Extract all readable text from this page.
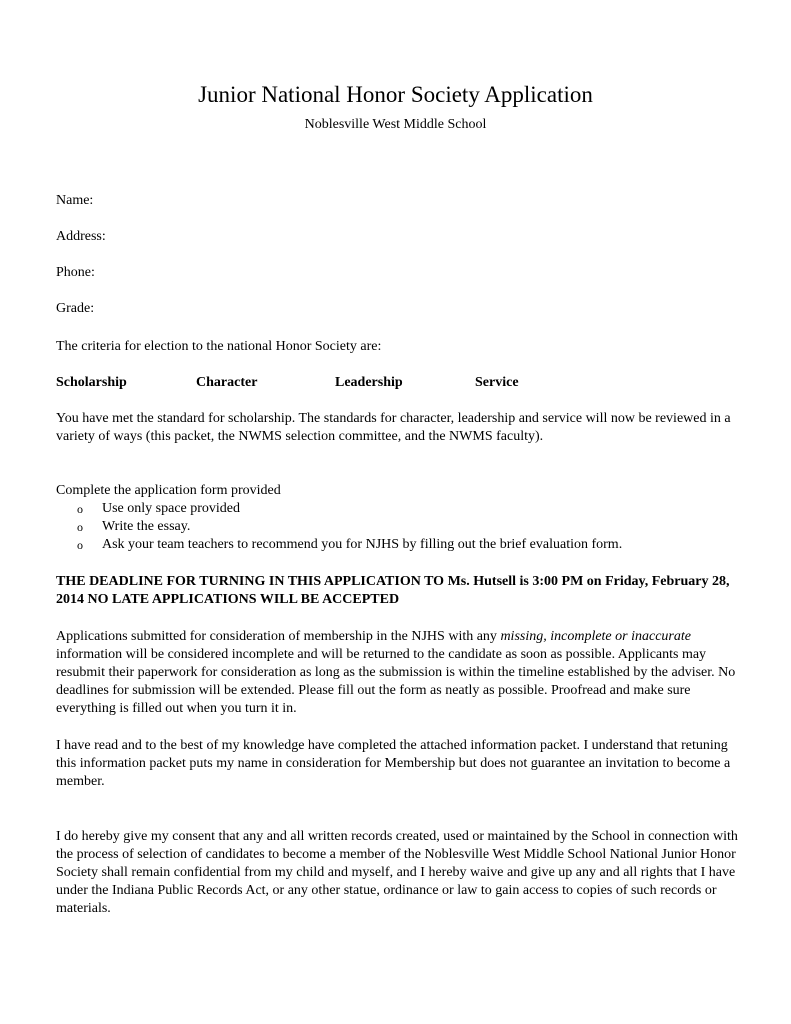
Junior National Honor Society Application
Noblesville West Middle School
Name:
Address:
Phone:
Grade:
The criteria for election to the national Honor Society are:
Scholarship	Character	Leadership	Service

You have met the standard for scholarship. The standards for character, leadership and service will now be reviewed in a variety of ways (this packet, the NWMS selection committee, and the NWMS faculty).

Complete the application form provided
o Use only space provided
o Write the essay.
o Ask your team teachers to recommend you for NJHS by filling out the brief evaluation form.

THE DEADLINE FOR TURNING IN THIS APPLICATION TO Ms. Hutsell is 3:00 PM on Friday, February 28, 2014 NO LATE APPLICATIONS WILL BE ACCEPTED

Applications submitted for consideration of membership in the NJHS with any missing, incomplete or inaccurate information will be considered incomplete and will be returned to the candidate as soon as possible. Applicants may resubmit their paperwork for consideration as long as the submission is within the timeline established by the adviser. No deadlines for submission will be extended. Please fill out the form as neatly as possible. Proofread and make sure everything is filled out when you turn it in.

I have read and to the best of my knowledge have completed the attached information packet. I understand that retuning this information packet puts my name in consideration for Membership but does not guarantee an invitation to become a member.

I do hereby give my consent that any and all written records created, used or maintained by the School in connection with the process of selection of candidates to become a member of the Noblesville West Middle School National Junior Honor Society shall remain confidential from my child and myself, and I hereby waive and give up any and all rights that I have under the Indiana Public Records Act, or any other statue, ordinance or law to gain access to copies of such records or materials.
